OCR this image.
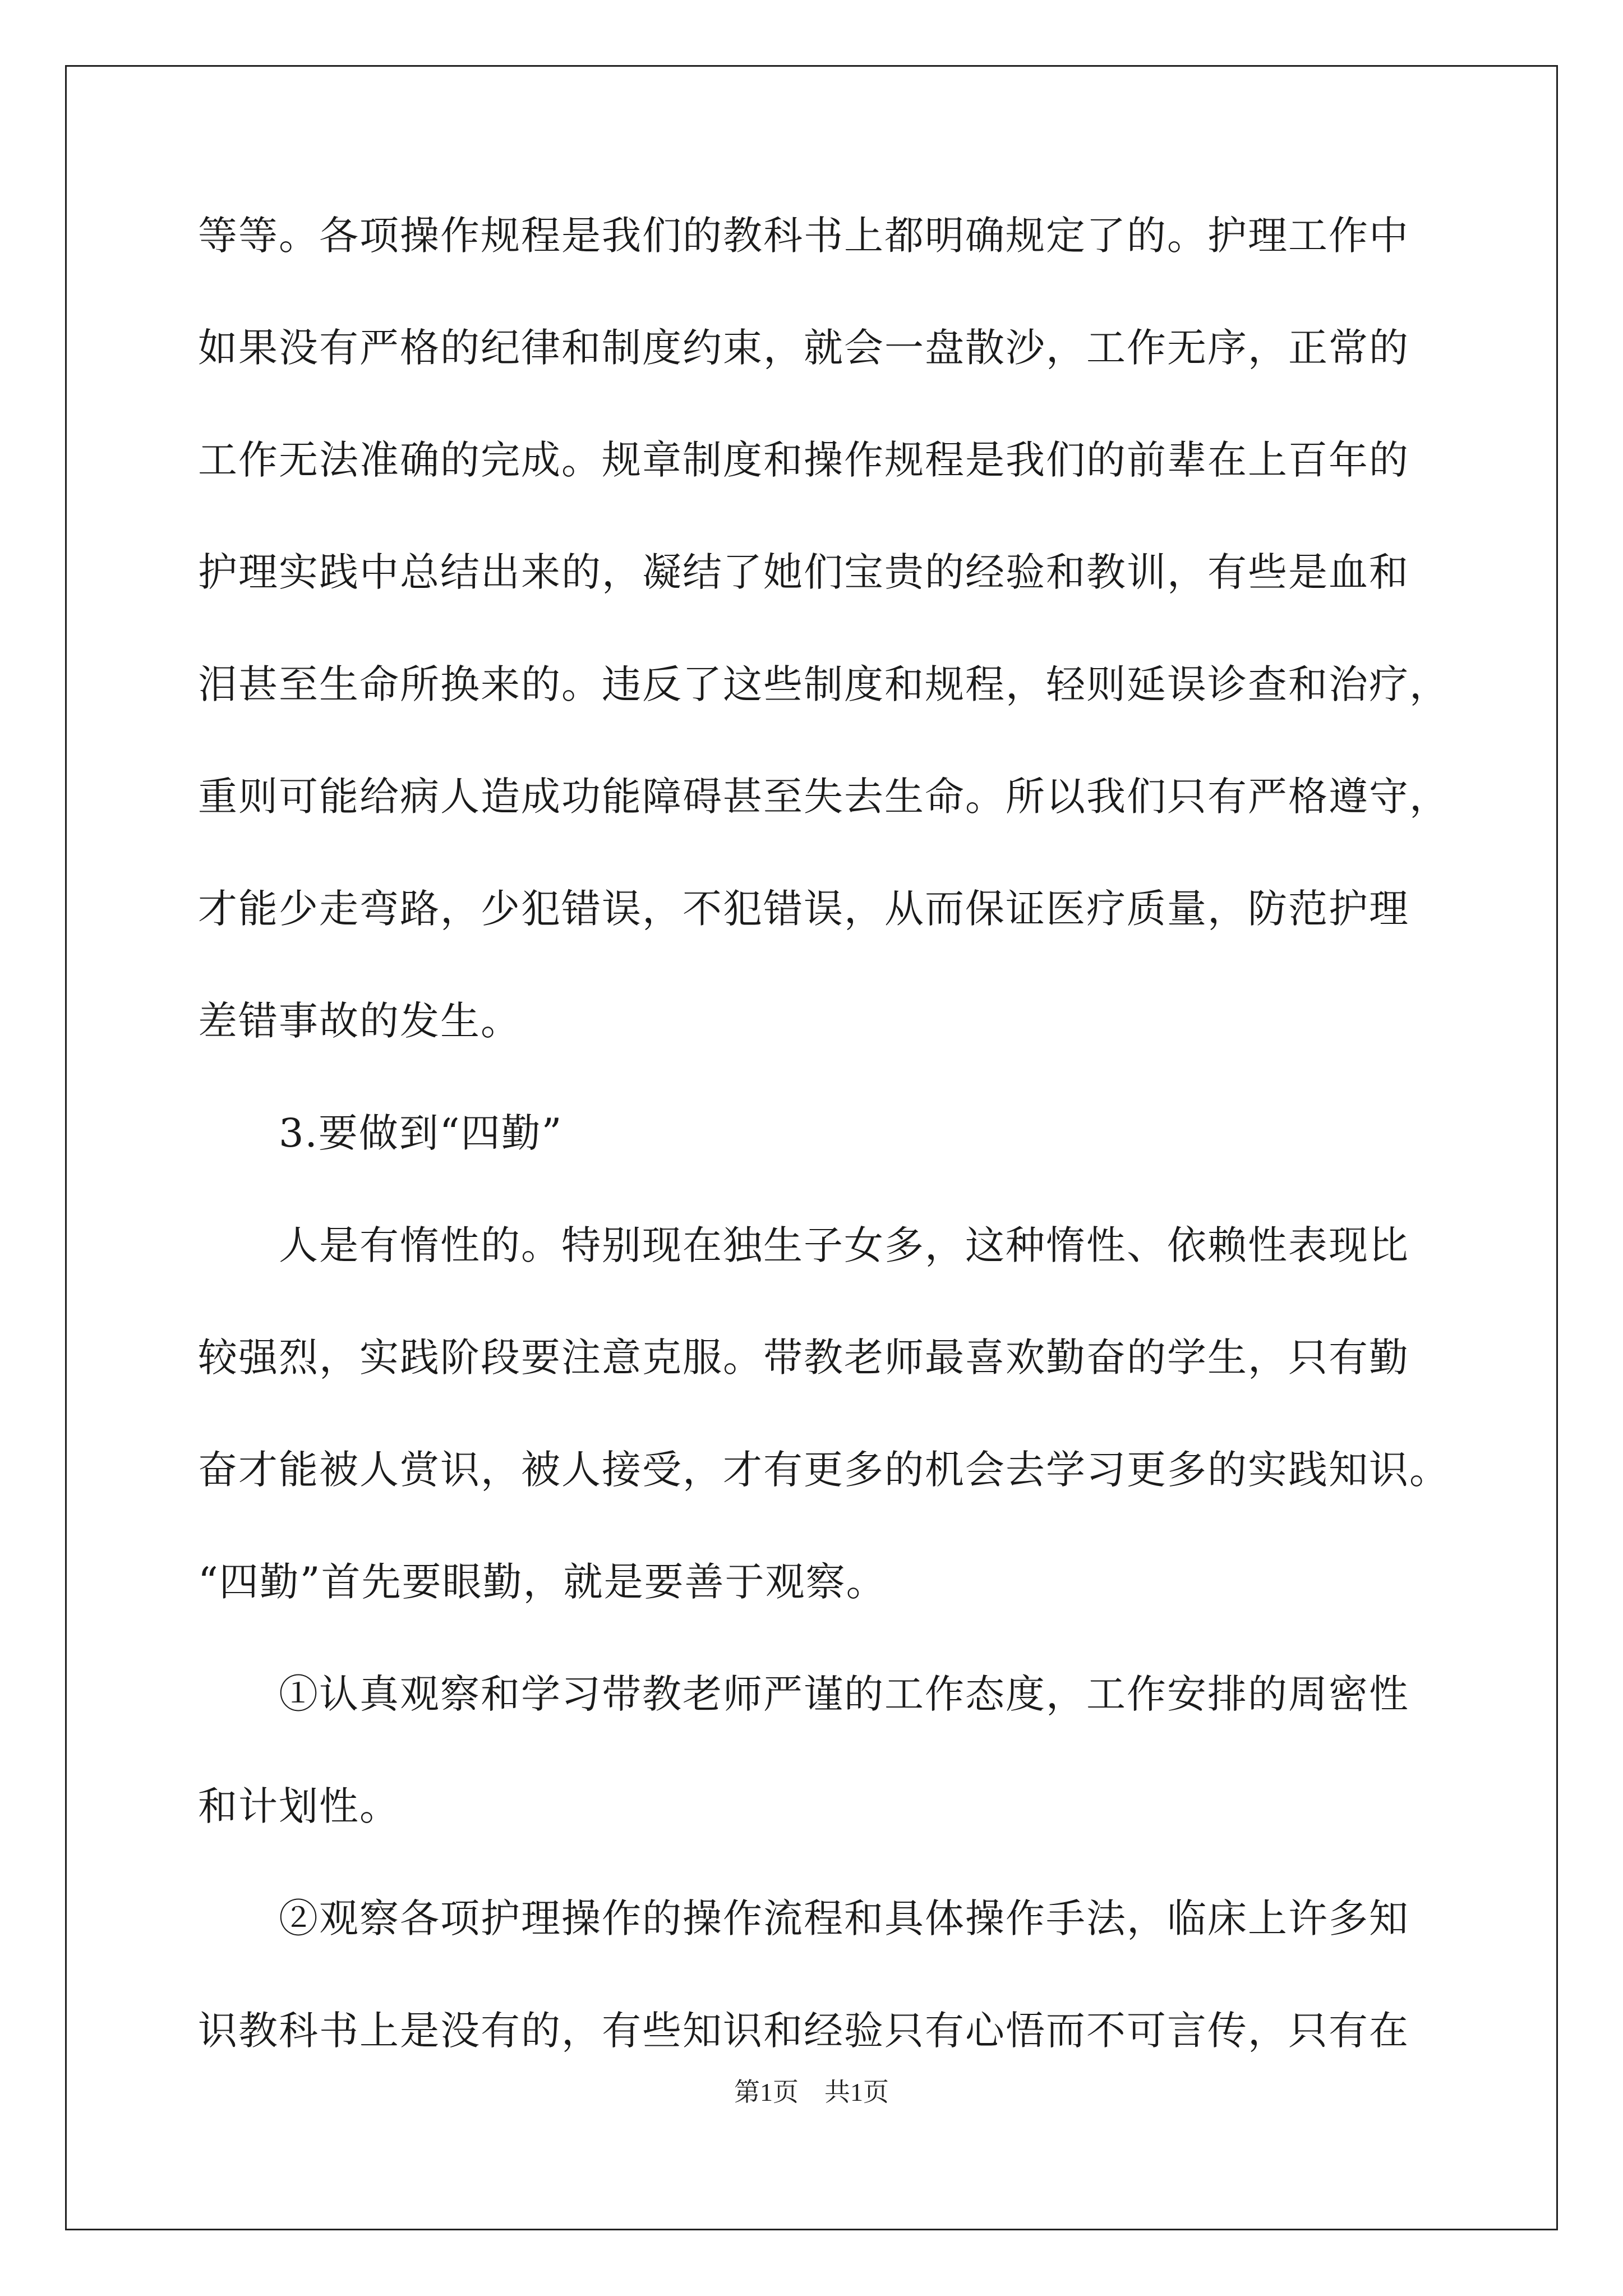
等等。各项操作规程是我们的教科书上都明确规定了的。护理工作中
如果没有严格的纪律和制度约束，就会一盘散沙，工作无序，正常的
工作无法准确的完成。规章制度和操作规程是我们的前辈在上百年的
护理实践中总结出来的，凝结了她们宝贵的经验和教训，有些是血和
泪甚至生命所换来的。违反了这些制度和规程，轻则延误诊查和治疗，
重则可能给病人造成功能障碍甚至失去生命。所以我们只有严格遵守，
才能少走弯路，少犯错误，不犯错误，从而保证医疗质量，防范护理
差错事故的发生。
　　3.要做到“四勤”
　　人是有惰性的。特别现在独生子女多，这种惰性、依赖性表现比
较强烈，实践阶段要注意克服。带教老师最喜欢勤奋的学生，只有勤
奋才能被人赏识，被人接受，才有更多的机会去学习更多的实践知识。
“四勤”首先要眼勤，就是要善于观察。
　　①认真观察和学习带教老师严谨的工作态度，工作安排的周密性
和计划性。
　　②观察各项护理操作的操作流程和具体操作手法，临床上许多知
识教科书上是没有的，有些知识和经验只有心悟而不可言传，只有在
第1页　共1页
